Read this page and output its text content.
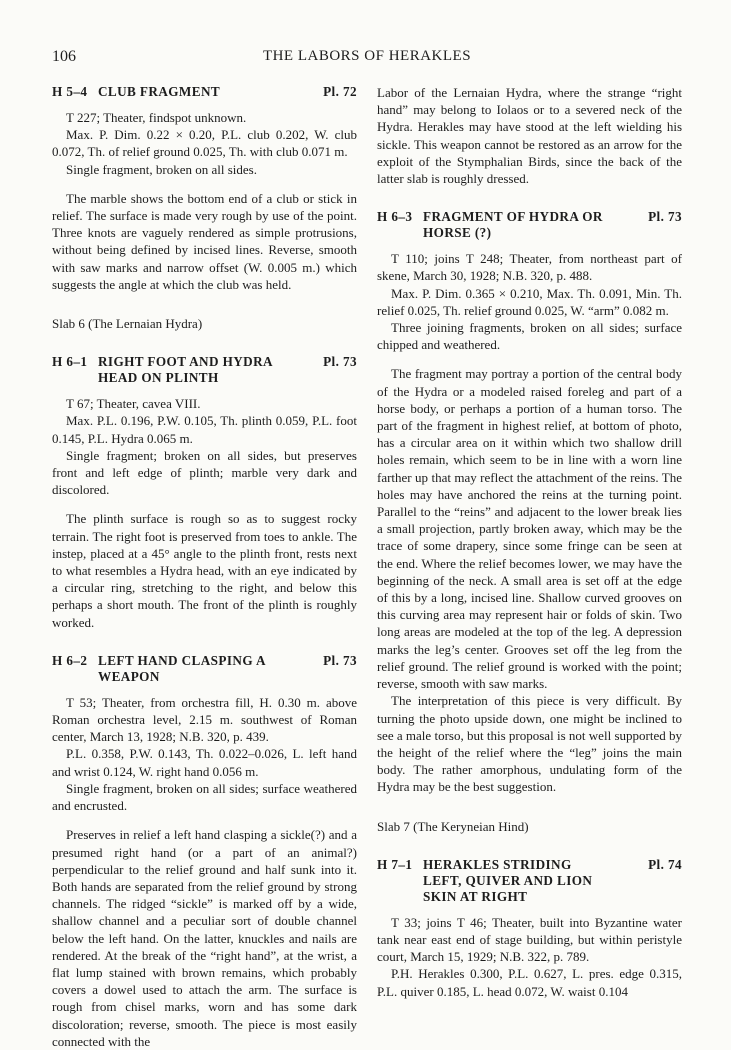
106	THE LABORS OF HERAKLES
H 5–4 CLUB FRAGMENT	Pl. 72

T 227; Theater, findspot unknown.

Max. P. Dim. 0.22 × 0.20, P.L. club 0.202, W. club 0.072, Th. of relief ground 0.025, Th. with club 0.071 m.

Single fragment, broken on all sides.

The marble shows the bottom end of a club or stick in relief. The surface is made very rough by use of the point. Three knots are vaguely rendered as simple protrusions, without being defined by incised lines. Reverse, smooth with saw marks and narrow offset (W. 0.005 m.) which suggests the angle at which the club was held.

Slab 6 (The Lernaian Hydra)

H 6–1 RIGHT FOOT AND HYDRA HEAD ON PLINTH
Pl. 73

T 67; Theater, cavea VIII.

Max. P.L. 0.196, P.W. 0.105, Th. plinth 0.059, P.L. foot 0.145, P.L. Hydra 0.065 m.

Single fragment; broken on all sides, but preserves front and left edge of plinth; marble very dark and discolored.

The plinth surface is rough so as to suggest rocky terrain. The right foot is preserved from toes to ankle. The instep, placed at a 45° angle to the plinth front, rests next to what resembles a Hydra head, with an eye indicated by a circular ring, stretching to the right, and below this perhaps a short mouth. The front of the plinth is roughly worked.

H 6–2 LEFT HAND CLASPING A WEAPON
Pl. 73

T 53; Theater, from orchestra fill, H. 0.30 m. above Roman orchestra level, 2.15 m. southwest of Roman center, March 13, 1928; N.B. 320, p. 439.

P.L. 0.358, P.W. 0.143, Th. 0.022–0.026, L. left hand and wrist 0.124, W. right hand 0.056 m.

Single fragment, broken on all sides; surface weathered and encrusted.

Preserves in relief a left hand clasping a sickle(?) and a presumed right hand (or a part of an animal?) perpendicular to the relief ground and half sunk into it. Both hands are separated from the relief ground by strong channels. The ridged “sickle” is marked off by a wide, shallow channel and a peculiar sort of double channel below the left hand. On the latter, knuckles and nails are rendered. At the break of the “right hand”, at the wrist, a flat lump stained with brown remains, which probably covers a dowel used to attach the arm. The surface is rough from chisel marks, worn and has some dark discoloration; reverse, smooth. The piece is most easily connected with the

Labor of the Lernaian Hydra, where the strange “right hand” may belong to Iolaos or to a severed neck of the Hydra. Herakles may have stood at the left wielding his sickle. This weapon cannot be restored as an arrow for the exploit of the Stymphalian Birds, since the back of the latter slab is roughly dressed.

H 6–3 FRAGMENT OF HYDRA OR HORSE (?)
Pl. 73

T 110; joins T 248; Theater, from northeast part of skene, March 30, 1928; N.B. 320, p. 488.

Max. P. Dim. 0.365 × 0.210, Max. Th. 0.091, Min. Th. relief 0.025, Th. relief ground 0.025, W. “arm” 0.082 m.

Three joining fragments, broken on all sides; surface chipped and weathered.

The fragment may portray a portion of the central body of the Hydra or a modeled raised foreleg and part of a horse body, or perhaps a portion of a human torso. The part of the fragment in highest relief, at bottom of photo, has a circular area on it within which two shallow drill holes remain, which seem to be in line with a worn line farther up that may reflect the attachment of the reins. The holes may have anchored the reins at the turning point. Parallel to the “reins” and adjacent to the lower break lies a small projection, partly broken away, which may be the trace of some drapery, since some fringe can be seen at the end. Where the relief becomes lower, we may have the beginning of the neck. A small area is set off at the edge of this by a long, incised line. Shallow curved grooves on this curving area may represent hair or folds of skin. Two long areas are modeled at the top of the leg. A depression marks the leg’s center. Grooves set off the leg from the relief ground. The relief ground is worked with the point; reverse, smooth with saw marks.

The interpretation of this piece is very difficult. By turning the photo upside down, one might be inclined to see a male torso, but this proposal is not well supported by the height of the relief where the “leg” joins the main body. The rather amorphous, undulating form of the Hydra may be the best suggestion.

Slab 7 (The Keryneian Hind)

H 7–1 HERAKLES STRIDING LEFT, QUIVER AND LION SKIN AT RIGHT
Pl. 74

T 33; joins T 46; Theater, built into Byzantine water tank near east end of stage building, but within peristyle court, March 15, 1929; N.B. 322, p. 789.

P.H. Herakles 0.300, P.L. 0.627, L. pres. edge 0.315, P.L. quiver 0.185, L. head 0.072, W. waist 0.104
